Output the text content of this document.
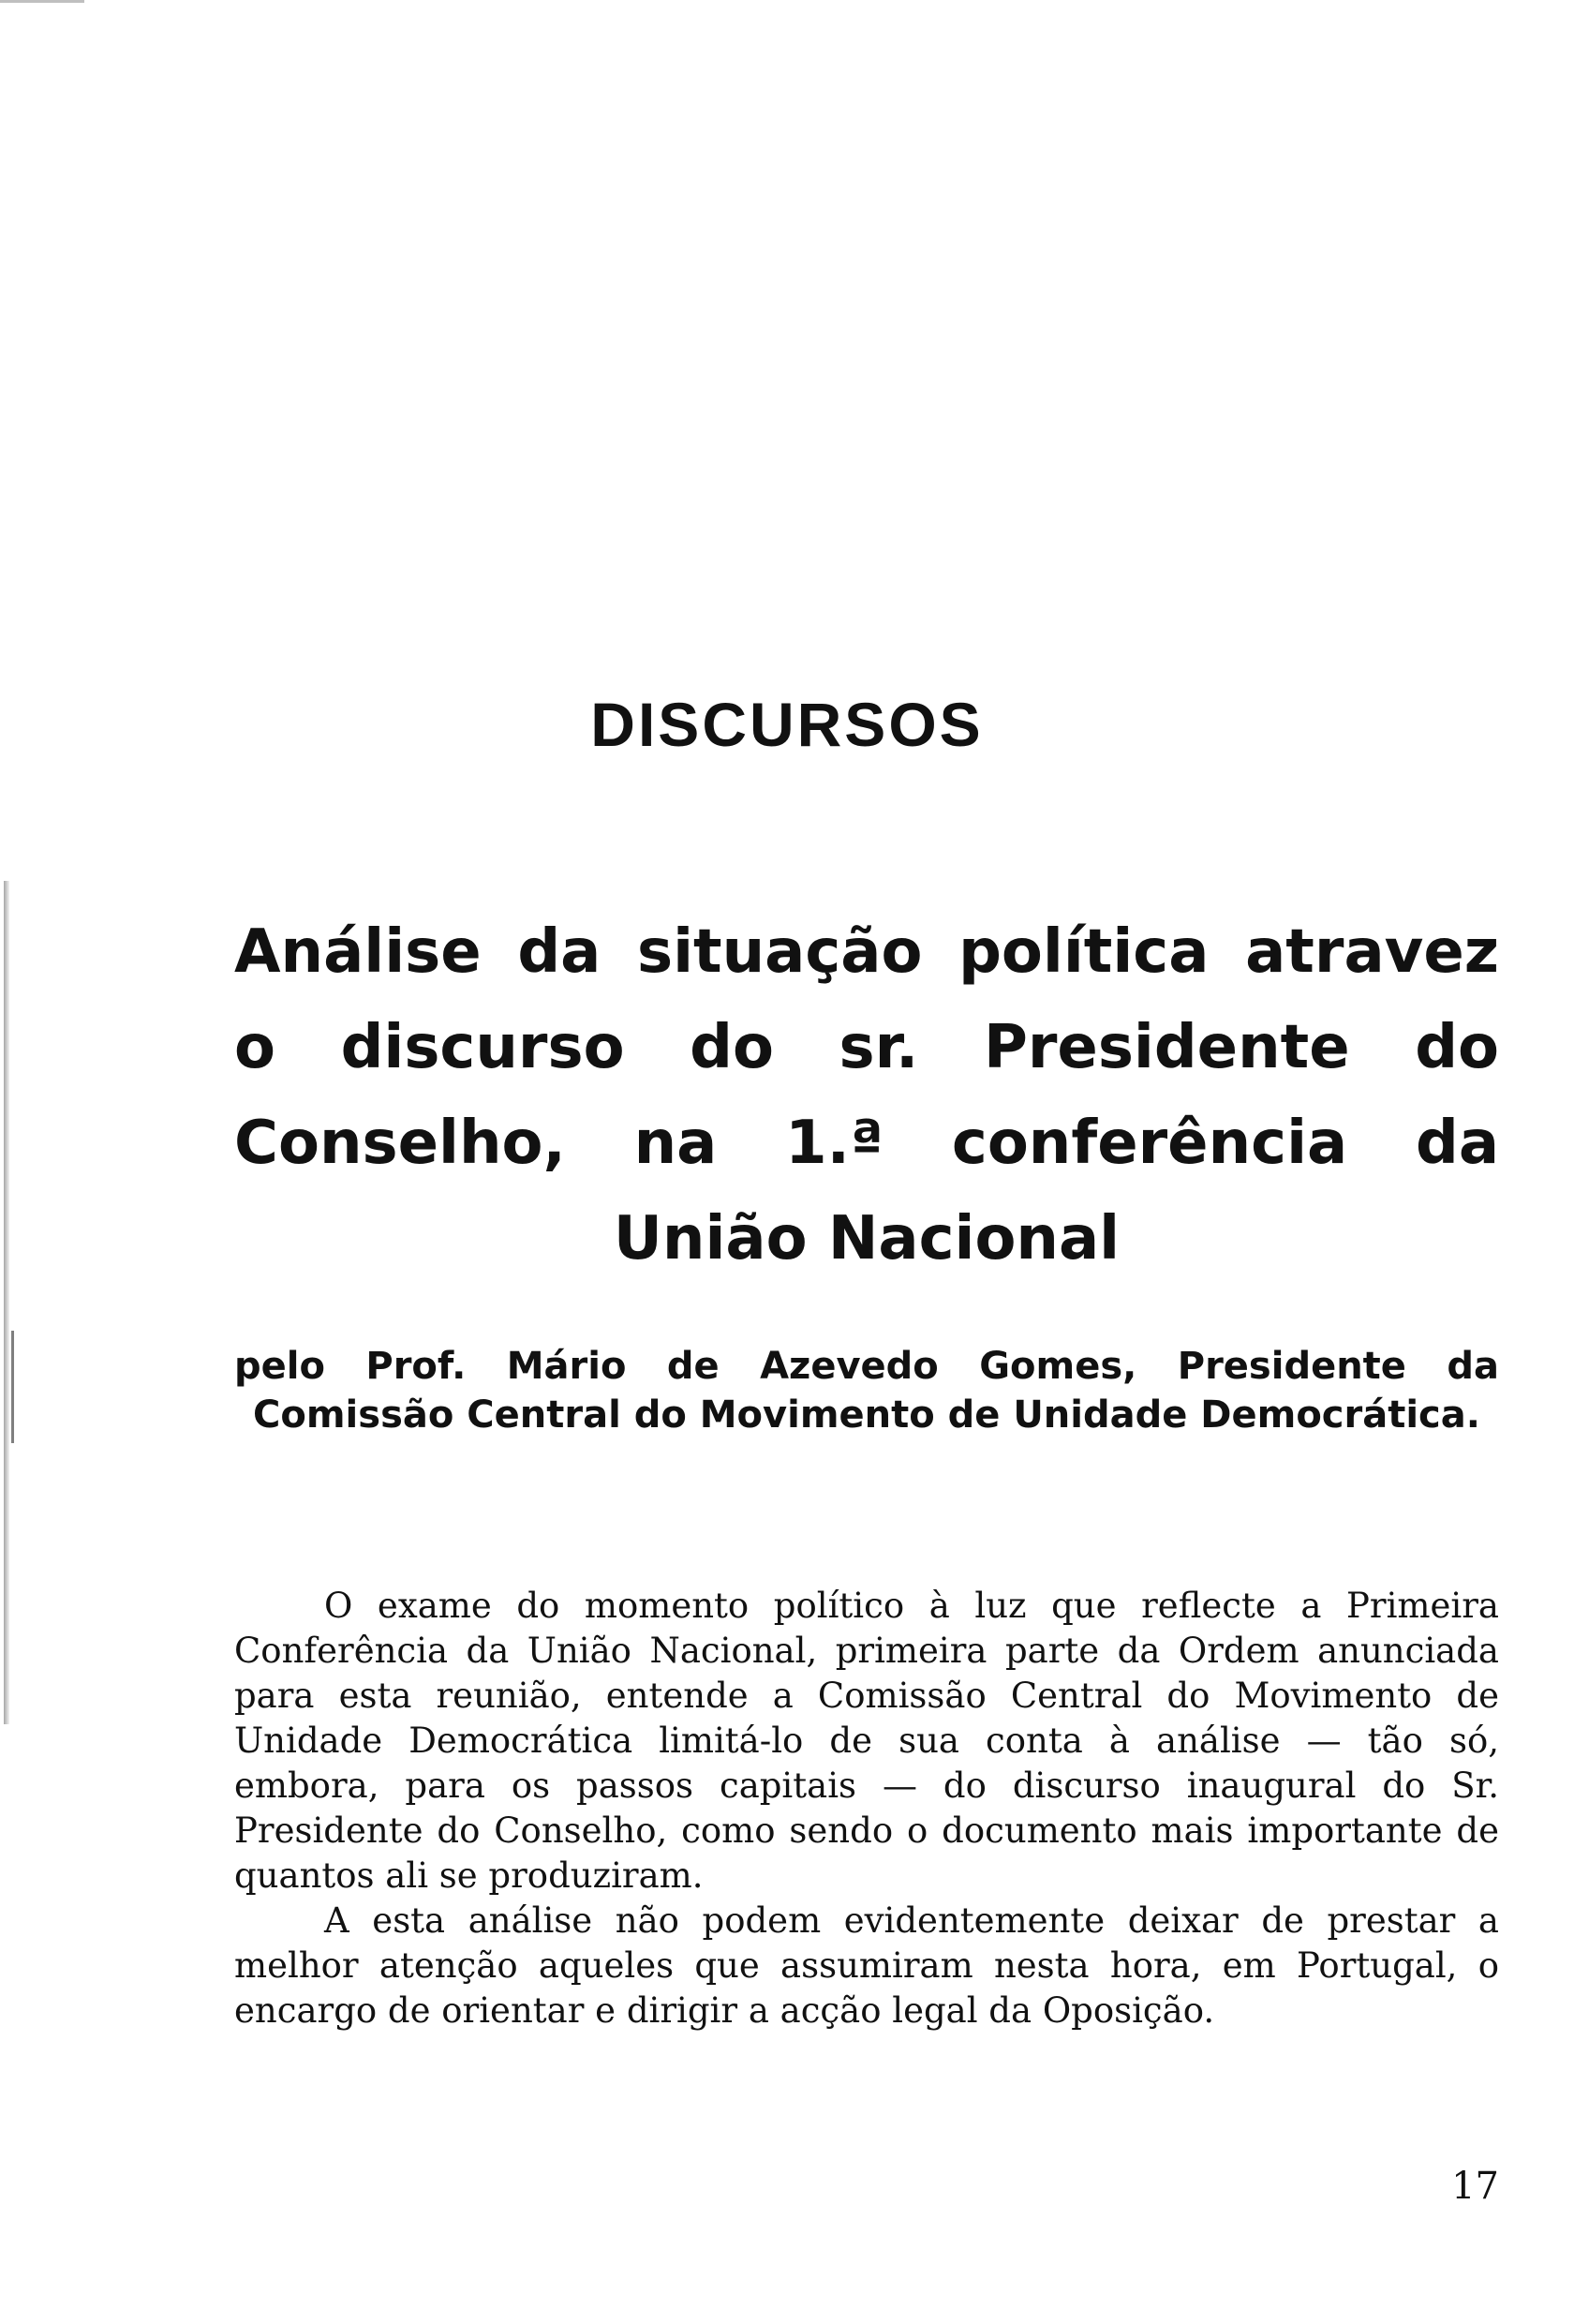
DISCURSOS
Análise da situação política atravez o discurso do sr. Presidente do Conselho, na 1.ª conferência da União Nacional

pelo Prof. Mário de Azevedo Gomes, Presidente da Comissão Central do Movimento de Unidade Democrática.

O exame do momento político à luz que reflecte a Primeira Conferência da União Nacional, primeira parte da Ordem anunciada para esta reunião, entende a Comissão Central do Movimento de Unidade Democrática limitá-lo de sua conta à análise — tão só, embora, para os passos capitais — do discurso inaugural do Sr. Presidente do Conselho, como sendo o documento mais importante de quantos ali se produziram.

A esta análise não podem evidentemente deixar de prestar a melhor atenção aqueles que assumiram nesta hora, em Portugal, o encargo de orientar e dirigir a acção legal da Oposição.

17
